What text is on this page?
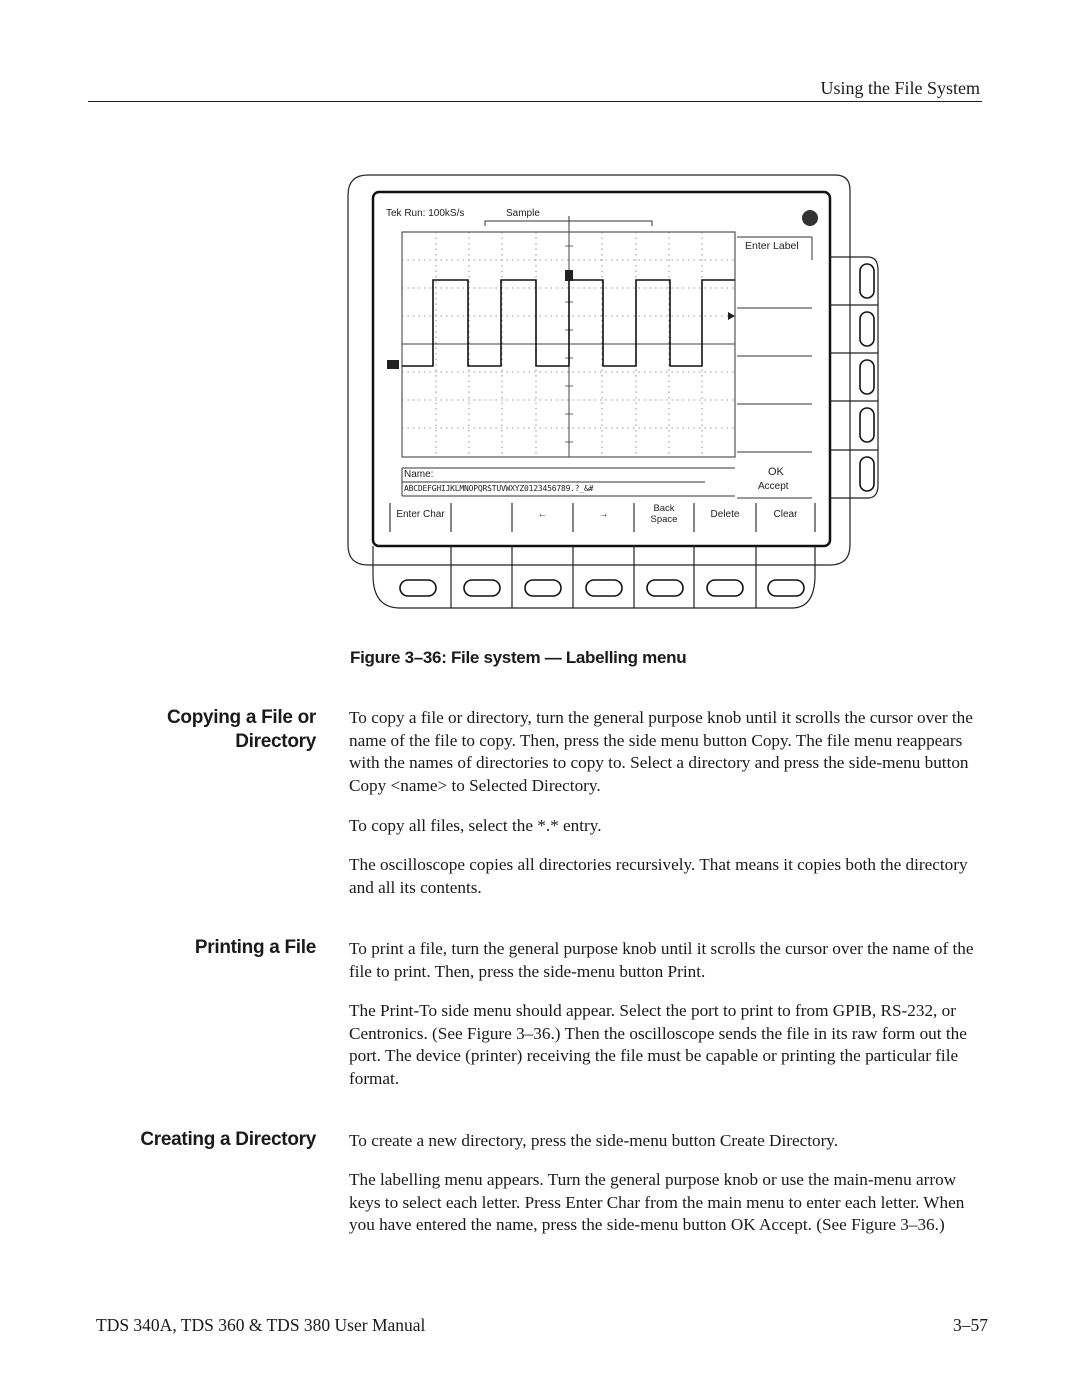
Using the File System
Tek Run: 100kS/s	Sample
Enter Label
OK
Accept
Name:
ABCDEFGHIJKLMNOPQRSTUVWXYZ0123456789.?_&#
Enter Char	←	→
Back Space	Delete	Clear
Figure 3–36: File system — Labelling menu
Copying a File or
Directory

To copy a file or directory, turn the general purpose knob until it scrolls the cursor over the name of the file to copy. Then, press the side menu button Copy. The file menu reappears with the names of directories to copy to. Select a directory and press the side-menu button Copy <name> to Selected Directory.

To copy all files, select the *.* entry.

The oscilloscope copies all directories recursively. That means it copies both the directory and all its contents.

Printing a File To print a file, turn the general purpose knob until it scrolls the cursor over the name of the file to print. Then, press the side-menu button Print.

The Print-To side menu should appear. Select the port to print to from GPIB, RS-232, or Centronics. (See Figure 3–36.) Then the oscilloscope sends the file in its raw form out the port. The device (printer) receiving the file must be capable or printing the particular file format.

Creating a Directory To create a new directory, press the side-menu button Create Directory.

The labelling menu appears. Turn the general purpose knob or use the main-menu arrow keys to select each letter. Press Enter Char from the main menu to enter each letter. When you have entered the name, press the side-menu button OK Accept. (See Figure 3–36.)

TDS 340A, TDS 360 & TDS 380 User Manual	3–57
